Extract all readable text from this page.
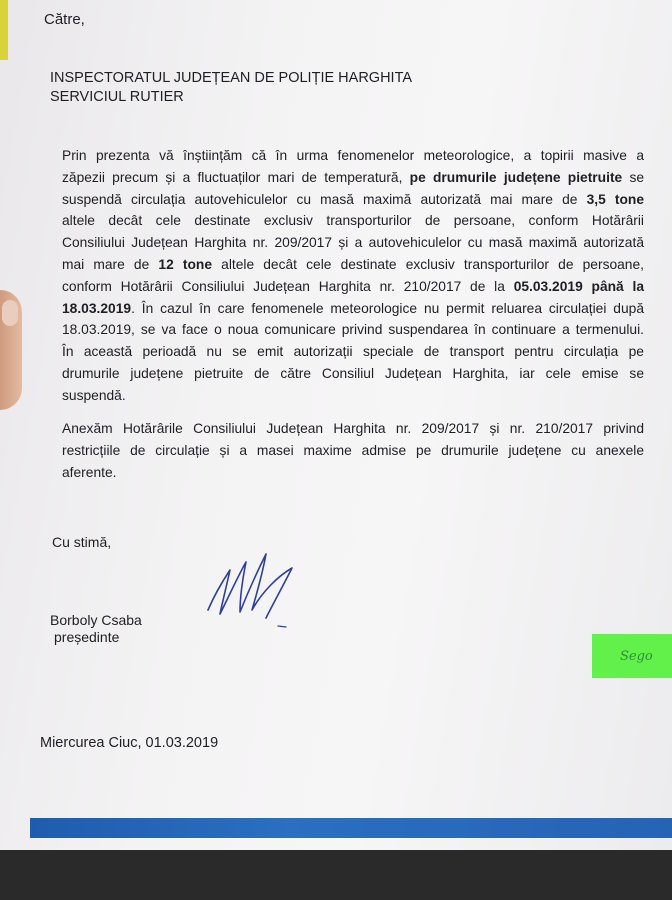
Către,
INSPECTORATUL JUDEȚEAN DE POLIȚIE HARGHITA
SERVICIUL RUTIER
Prin prezenta vă înștiințăm că în urma fenomenelor meteorologice, a topirii masive a
zăpezii precum și a fluctuaților mari de temperatură, pe drumurile județene pietruite se
suspendă circulația autovehiculelor cu masă maximă autorizată mai mare de 3,5 tone
altele decât cele destinate exclusiv transporturilor de persoane, conform Hotărârii
Consiliului Județean Harghita nr. 209/2017 și a autovehiculelor cu masă maximă autorizată
mai mare de 12 tone altele decât cele destinate exclusiv transporturilor de persoane,
conform Hotărârii Consiliului Județean Harghita nr. 210/2017 de la 05.03.2019 până la
18.03.2019. În cazul în care fenomenele meteorologice nu permit reluarea circulației după
18.03.2019, se va face o noua comunicare privind suspendarea în continuare a termenului.
În această perioadă nu se emit autorizații speciale de transport pentru circulația pe
drumurile județene pietruite de către Consiliul Județean Harghita, iar cele emise se
suspendă.
Anexăm Hotărârile Consiliului Județean Harghita nr. 209/2017 și nr. 210/2017 privind
restricțiile de circulație și a masei maxime admise pe drumurile județene cu anexele
aferente.
Cu stimă,
Borboly Csaba
președinte
Sego
Miercurea Ciuc, 01.03.2019
